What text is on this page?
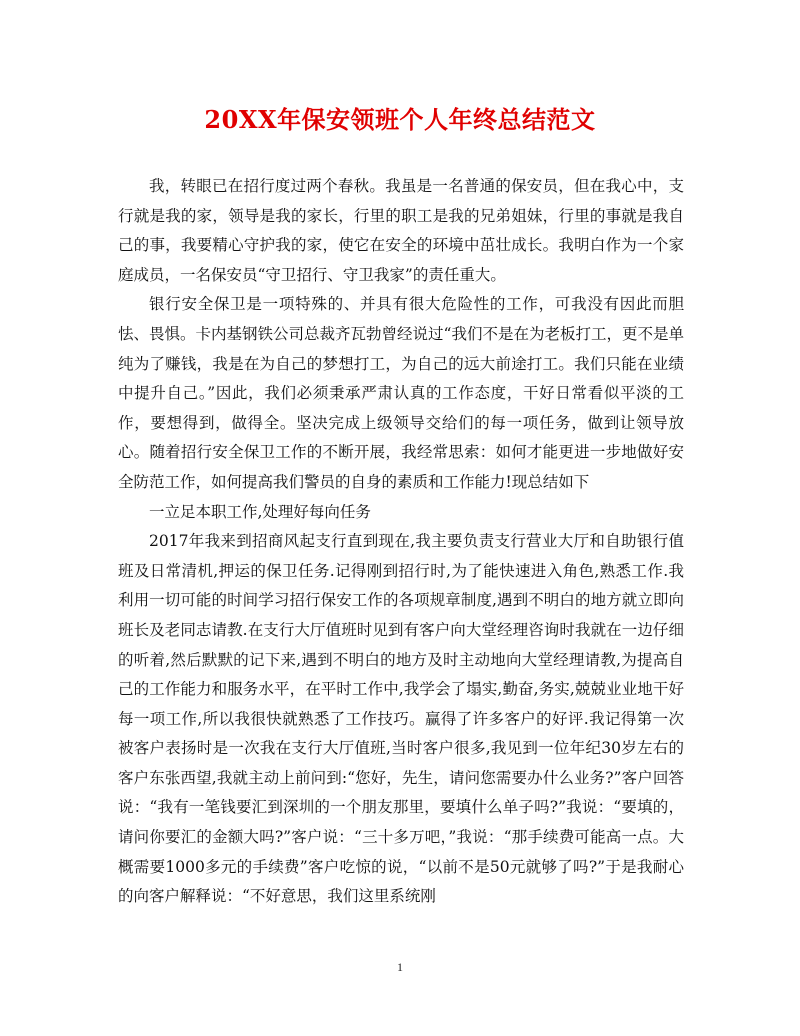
20XX年保安领班个人年终总结范文

我，转眼已在招行度过两个春秋。我虽是一名普通的保安员，但在我心中，支行就是我的家，领导是我的家长，行里的职工是我的兄弟姐妹，行里的事就是我自己的事，我要精心守护我的家，使它在安全的环境中茁壮成长。我明白作为一个家庭成员，一名保安员“守卫招行、守卫我家”的责任重大。

银行安全保卫是一项特殊的、并具有很大危险性的工作，可我没有因此而胆怯、畏惧。卡内基钢铁公司总裁齐瓦勃曾经说过“我们不是在为老板打工，更不是单纯为了赚钱，我是在为自己的梦想打工，为自己的远大前途打工。我们只能在业绩中提升自己。”因此，我们必须秉承严肃认真的工作态度，干好日常看似平淡的工作，要想得到，做得全。坚决完成上级领导交给们的每一项任务，做到让领导放心。随着招行安全保卫工作的不断开展，我经常思索：如何才能更进一步地做好安全防范工作，如何提高我们警员的自身的素质和工作能力!现总结如下

一立足本职工作,处理好每向任务

2017年我来到招商风起支行直到现在,我主要负责支行营业大厅和自助银行值班及日常清机,押运的保卫任务.记得刚到招行时,为了能快速进入角色,熟悉工作.我利用一切可能的时间学习招行保安工作的各项规章制度,遇到不明白的地方就立即向班长及老同志请教.在支行大厅值班时见到有客户向大堂经理咨询时我就在一边仔细的听着,然后默默的记下来,遇到不明白的地方及时主动地向大堂经理请教,为提高自己的工作能力和服务水平，在平时工作中,我学会了塌实,勤奋,务实,兢兢业业地干好每一项工作,所以我很快就熟悉了工作技巧。赢得了许多客户的好评.我记得第一次被客户表扬时是一次我在支行大厅值班,当时客户很多,我见到一位年纪30岁左右的客户东张西望,我就主动上前问到:“您好，先生，请问您需要办什么业务?”客户回答说：“我有一笔钱要汇到深圳的一个朋友那里，要填什么单子吗?”我说：“要填的，请问你要汇的金额大吗?”客户说：“三十多万吧，”我说：“那手续费可能高一点。大概需要1000多元的手续费”客户吃惊的说，“以前不是50元就够了吗?”于是我耐心的向客户解释说：“不好意思，我们这里系统刚

1
